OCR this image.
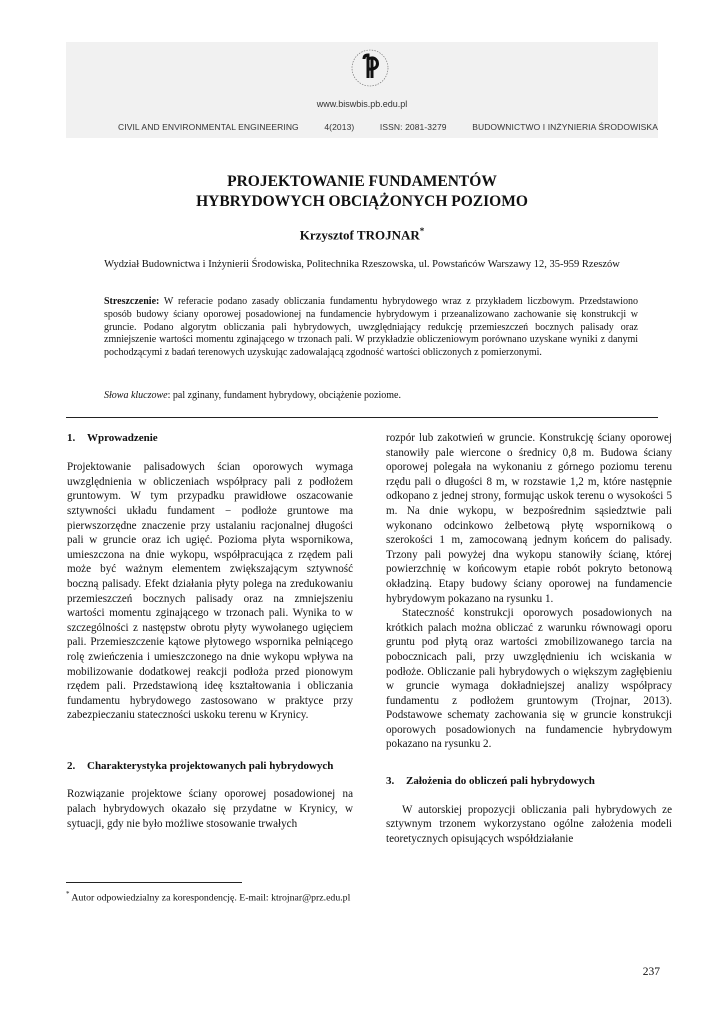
www.biswbis.pb.edu.pl
CIVIL AND ENVIRONMENTAL ENGINEERING	4(2013)	ISSN: 2081-3279	BUDOWNICTWO I INŻYNIERIA ŚRODOWISKA
PROJEKTOWANIE FUNDAMENTÓW
HYBRYDOWYCH OBCIĄŻONYCH POZIOMO
Krzysztof TROJNAR*
Wydział Budownictwa i Inżynierii Środowiska, Politechnika Rzeszowska, ul. Powstańców Warszawy 12, 35-959 Rzeszów

Streszczenie: W referacie podano zasady obliczania fundamentu hybrydowego wraz z przykładem liczbowym. Przedstawiono sposób budowy ściany oporowej posadowionej na fundamencie hybrydowym i przeanalizowano zachowanie się konstrukcji w gruncie. Podano algorytm obliczania pali hybrydowych, uwzględniający redukcję przemieszczeń bocznych palisady oraz zmniejszenie wartości momentu zginającego w trzonach pali. W przykładzie obliczeniowym porównano uzyskane wyniki z danymi pochodzącymi z badań terenowych uzyskując zadowalającą zgodność wartości obliczonych z pomierzonymi.

Słowa kluczowe: pal zginany, fundament hybrydowy, obciążenie poziome.

1.	Wprowadzenie

Projektowanie palisadowych ścian oporowych wymaga uwzględnienia w obliczeniach współpracy pali z podłożem gruntowym. W tym przypadku prawidłowe oszacowanie sztywności układu fundament − podłoże gruntowe ma pierwszorzędne znaczenie przy ustalaniu racjonalnej długości pali w gruncie oraz ich ugięć. Pozioma płyta wspornikowa, umieszczona na dnie wykopu, współpracująca z rzędem pali może być ważnym elementem zwiększającym sztywność boczną palisady. Efekt działania płyty polega na zredukowaniu przemieszczeń bocznych palisady oraz na zmniejszeniu wartości momentu zginającego w trzonach pali. Wynika to w szczególności z następstw obrotu płyty wywołanego ugięciem pali. Przemieszczenie kątowe płytowego wspornika pełniącego rolę zwieńczenia i umieszczonego na dnie wykopu wpływa na mobilizowanie dodatkowej reakcji podłoża przed pionowym rzędem pali. Przedstawioną ideę kształtowania i obliczania fundamentu hybrydowego zastosowano w praktyce przy zabezpieczaniu stateczności uskoku terenu w Krynicy.

2.	Charakterystyka projektowanych pali hybrydowych

Rozwiązanie projektowe ściany oporowej posadowionej na palach hybrydowych okazało się przydatne w Krynicy, w sytuacji, gdy nie było możliwe stosowanie trwałych

rozpór lub zakotwień w gruncie. Konstrukcję ściany oporowej stanowiły pale wiercone o średnicy 0,8 m. Budowa ściany oporowej polegała na wykonaniu z górnego poziomu terenu rzędu pali o długości 8 m, w rozstawie 1,2 m, które następnie odkopano z jednej strony, formując uskok terenu o wysokości 5 m. Na dnie wykopu, w bezpośrednim sąsiedztwie pali wykonano odcinkowo żelbetową płytę wspornikową o szerokości 1 m, zamocowaną jednym końcem do palisady. Trzony pali powyżej dna wykopu stanowiły ścianę, której powierzchnię w końcowym etapie robót pokryto betonową okładziną. Etapy budowy ściany oporowej na fundamencie hybrydowym pokazano na rysunku 1.

Stateczność konstrukcji oporowych posadowionych na krótkich palach można obliczać z warunku równowagi oporu gruntu pod płytą oraz wartości zmobilizowanego tarcia na pobocznicach pali, przy uwzględnieniu ich wciskania w podłoże. Obliczanie pali hybrydowych o większym zagłębieniu w gruncie wymaga dokładniejszej analizy współpracy fundamentu z podłożem gruntowym (Trojnar, 2013). Podstawowe schematy zachowania się w gruncie konstrukcji oporowych posadowionych na fundamencie hybrydowym pokazano na rysunku 2.

3.	Założenia do obliczeń pali hybrydowych

W autorskiej propozycji obliczania pali hybrydowych ze sztywnym trzonem wykorzystano ogólne założenia modeli teoretycznych opisujących współdziałanie

* Autor odpowiedzialny za korespondencję. E-mail: ktrojnar@prz.edu.pl
237
